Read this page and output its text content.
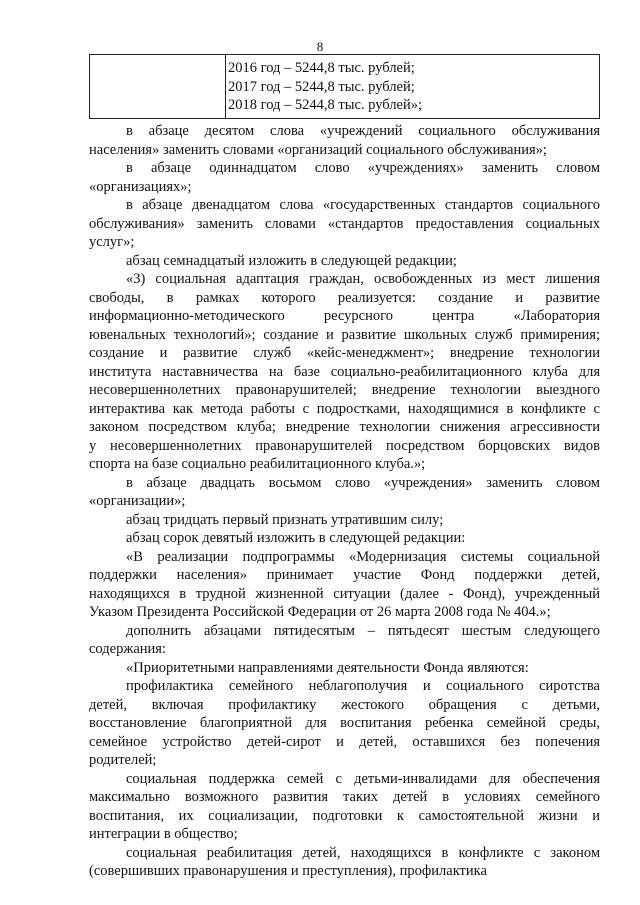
8
2016 год – 5244,8 тыс. рублей;
2017 год – 5244,8 тыс. рублей;
2018 год – 5244,8 тыс. рублей»;
в абзаце десятом слова «учреждений социального обслуживания
населения» заменить словами «организаций социального обслуживания»;
в абзаце одиннадцатом слово «учреждениях» заменить словом
«организациях»;
в абзаце двенадцатом слова «государственных стандартов социального
обслуживания» заменить словами «стандартов предоставления социальных
услуг»;
абзац семнадцатый изложить в следующей редакции;
«3) социальная адаптация граждан, освобожденных из мест лишения
свободы, в рамках которого реализуется: создание и развитие
информационно-методического ресурсного центра «Лаборатория
ювенальных технологий»; создание и развитие школьных служб примирения;
создание и развитие служб «кейс-менеджмент»; внедрение технологии
института наставничества на базе социально-реабилитационного клуба для
несовершеннолетних правонарушителей; внедрение технологии выездного
интерактива как метода работы с подростками, находящимися в конфликте с
законом посредством клуба; внедрение технологии снижения агрессивности
у несовершеннолетних правонарушителей посредством борцовских видов
спорта на базе социально реабилитационного клуба.»;
в абзаце двадцать восьмом слово «учреждения» заменить словом
«организации»;
абзац тридцать первый признать утратившим силу;
абзац сорок девятый изложить в следующей редакции:
«В реализации подпрограммы «Модернизация системы социальной
поддержки населения» принимает участие Фонд поддержки детей,
находящихся в трудной жизненной ситуации (далее - Фонд), учрежденный
Указом Президента Российской Федерации от 26 марта 2008 года № 404.»;
дополнить абзацами пятидесятым – пятьдесят шестым следующего
содержания:
«Приоритетными направлениями деятельности Фонда являются:
профилактика семейного неблагополучия и социального сиротства
детей, включая профилактику жестокого обращения с детьми,
восстановление благоприятной для воспитания ребенка семейной среды,
семейное устройство детей-сирот и детей, оставшихся без попечения
родителей;
социальная поддержка семей с детьми-инвалидами для обеспечения
максимально возможного развития таких детей в условиях семейного
воспитания, их социализации, подготовки к самостоятельной жизни и
интеграции в общество;
социальная реабилитация детей, находящихся в конфликте с законом
(совершивших правонарушения и преступления), профилактика
